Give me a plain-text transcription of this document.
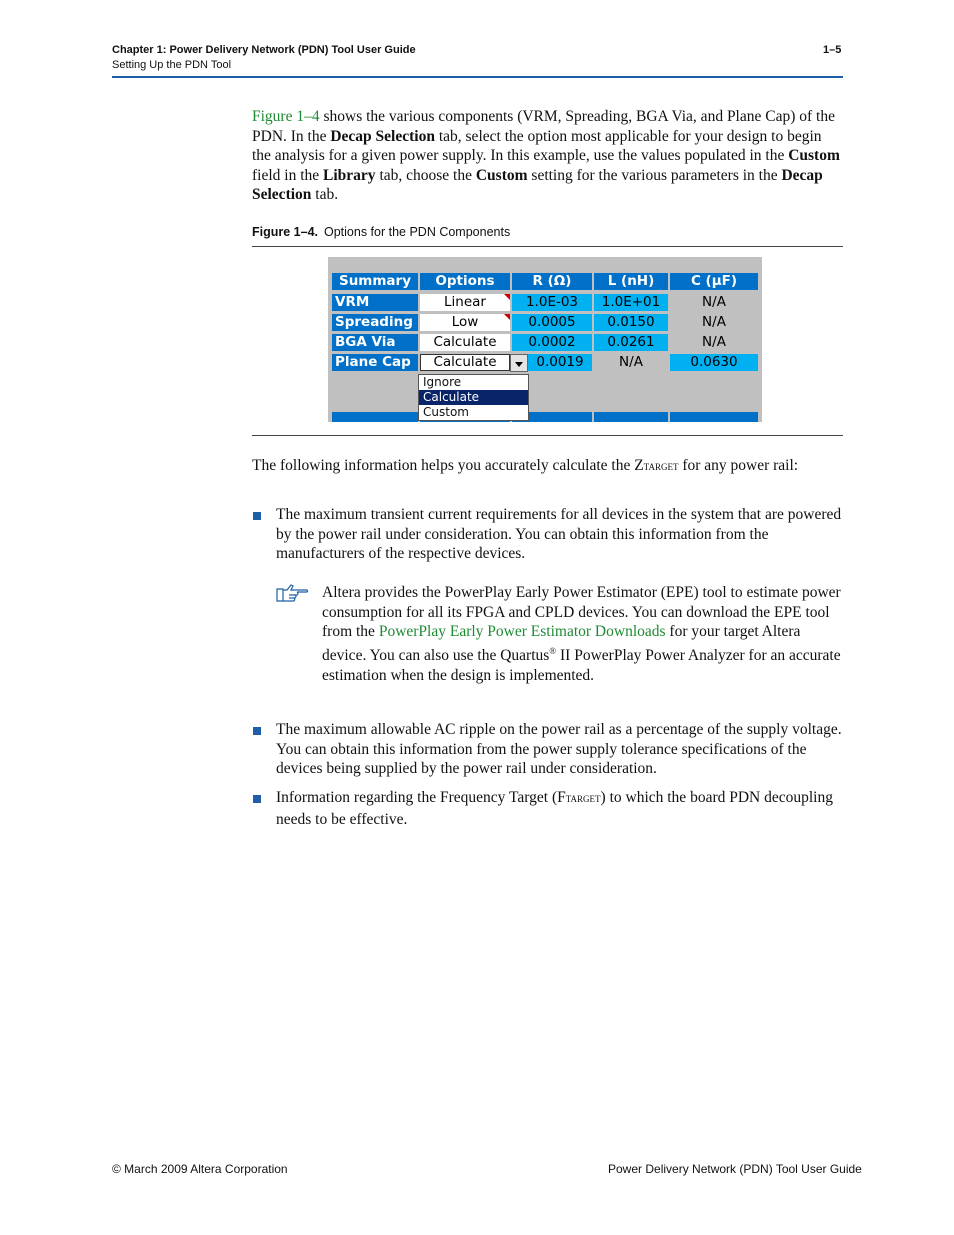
Chapter 1: Power Delivery Network (PDN) Tool User Guide
Setting Up the PDN Tool
1–5
Figure 1–4 shows the various components (VRM, Spreading, BGA Via, and Plane Cap) of the PDN. In the Decap Selection tab, select the option most applicable for your design to begin the analysis for a given power supply. In this example, use the values populated in the Custom field in the Library tab, choose the Custom setting for the various parameters in the Decap Selection tab.
Figure 1–4. Options for the PDN Components
Summary	Options	R (Ω)	L (nH)	C (µF)
VRM	Linear	1.0E-03	1.0E+01	N/A
Spreading	Low	0.0005	0.0150	N/A
BGA Via	Calculate	0.0002	0.0261	N/A
Plane Cap	Calculate	0.0019	N/A	0.0630
Ignore
Calculate
Custom
The following information helps you accurately calculate the ZTARGET for any power rail:
The maximum transient current requirements for all devices in the system that are powered by the power rail under consideration. You can obtain this information from the manufacturers of the respective devices.
Altera provides the PowerPlay Early Power Estimator (EPE) tool to estimate power consumption for all its FPGA and CPLD devices. You can download the EPE tool from the PowerPlay Early Power Estimator Downloads for your target Altera device. You can also use the Quartus® II PowerPlay Power Analyzer for an accurate estimation when the design is implemented.
The maximum allowable AC ripple on the power rail as a percentage of the supply voltage. You can obtain this information from the power supply tolerance specifications of the devices being supplied by the power rail under consideration.
Information regarding the Frequency Target (FTARGET) to which the board PDN decoupling needs to be effective.
© March 2009 Altera Corporation	Power Delivery Network (PDN) Tool User Guide
